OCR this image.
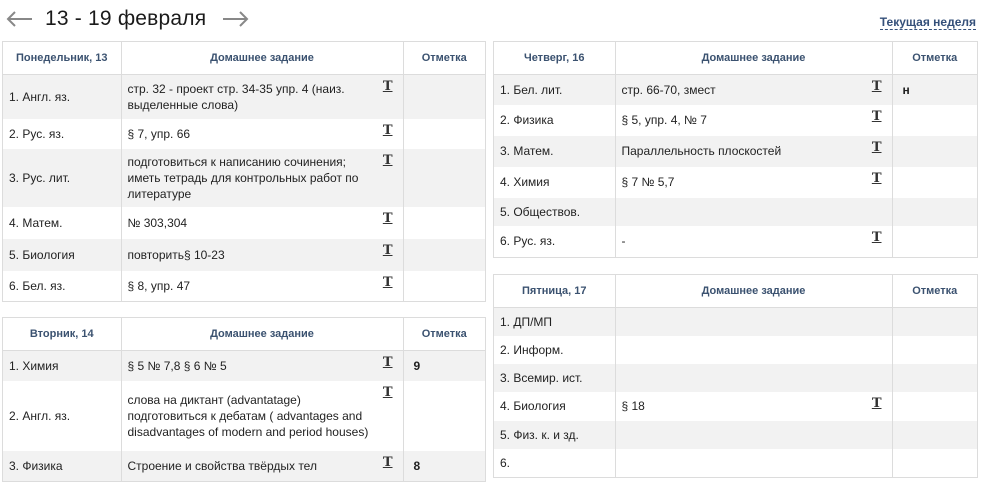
13 - 19 февраля	Текущая неделя
Понедельник, 13	Домашнее задание	Отметка
1. Англ. яз.	стр. 32 - проект стр. 34-35 упр. 4 (наиз. выделенные слова)
T	

2. Рус. яз.	§ 7, упр. 66 T	

3. Рус. лит.	подготовиться к написанию сочинения; иметь тетрадь для контрольных работ по литературе
T	

4. Матем.	№ 303,304 T	

5. Биология	повторить§ 10-23 T	

6. Бел. яз.	§ 8, упр. 47 T	

Вторник, 14	Домашнее задание	Отметка
1. Химия	§ 5 № 7,8 § 6 № 5 T	9
2. Англ. яз.	слова на диктант (advantatage) подготовиться к дебатам ( advantages and disadvantages of modern and period houses)
T	

3. Физика	Строение и свойства твёрдых тел T	8
Четверг, 16	Домашнее задание	Отметка
1. Бел. лит.	стр. 66-70, змест T	н
2. Физика	§ 5, упр. 4, № 7 T	

3. Матем.	Параллельность плоскостей T	

4. Химия	§ 7 № 5,7 T	

5. Обществов.		
6. Рус. яз.	- T	

Пятница, 17	Домашнее задание	Отметка
1. ДП/МП		
2. Информ.		
3. Всемир. ист.		
4. Биология	§ 18 T	

5. Физ. к. и зд.		
6.		
